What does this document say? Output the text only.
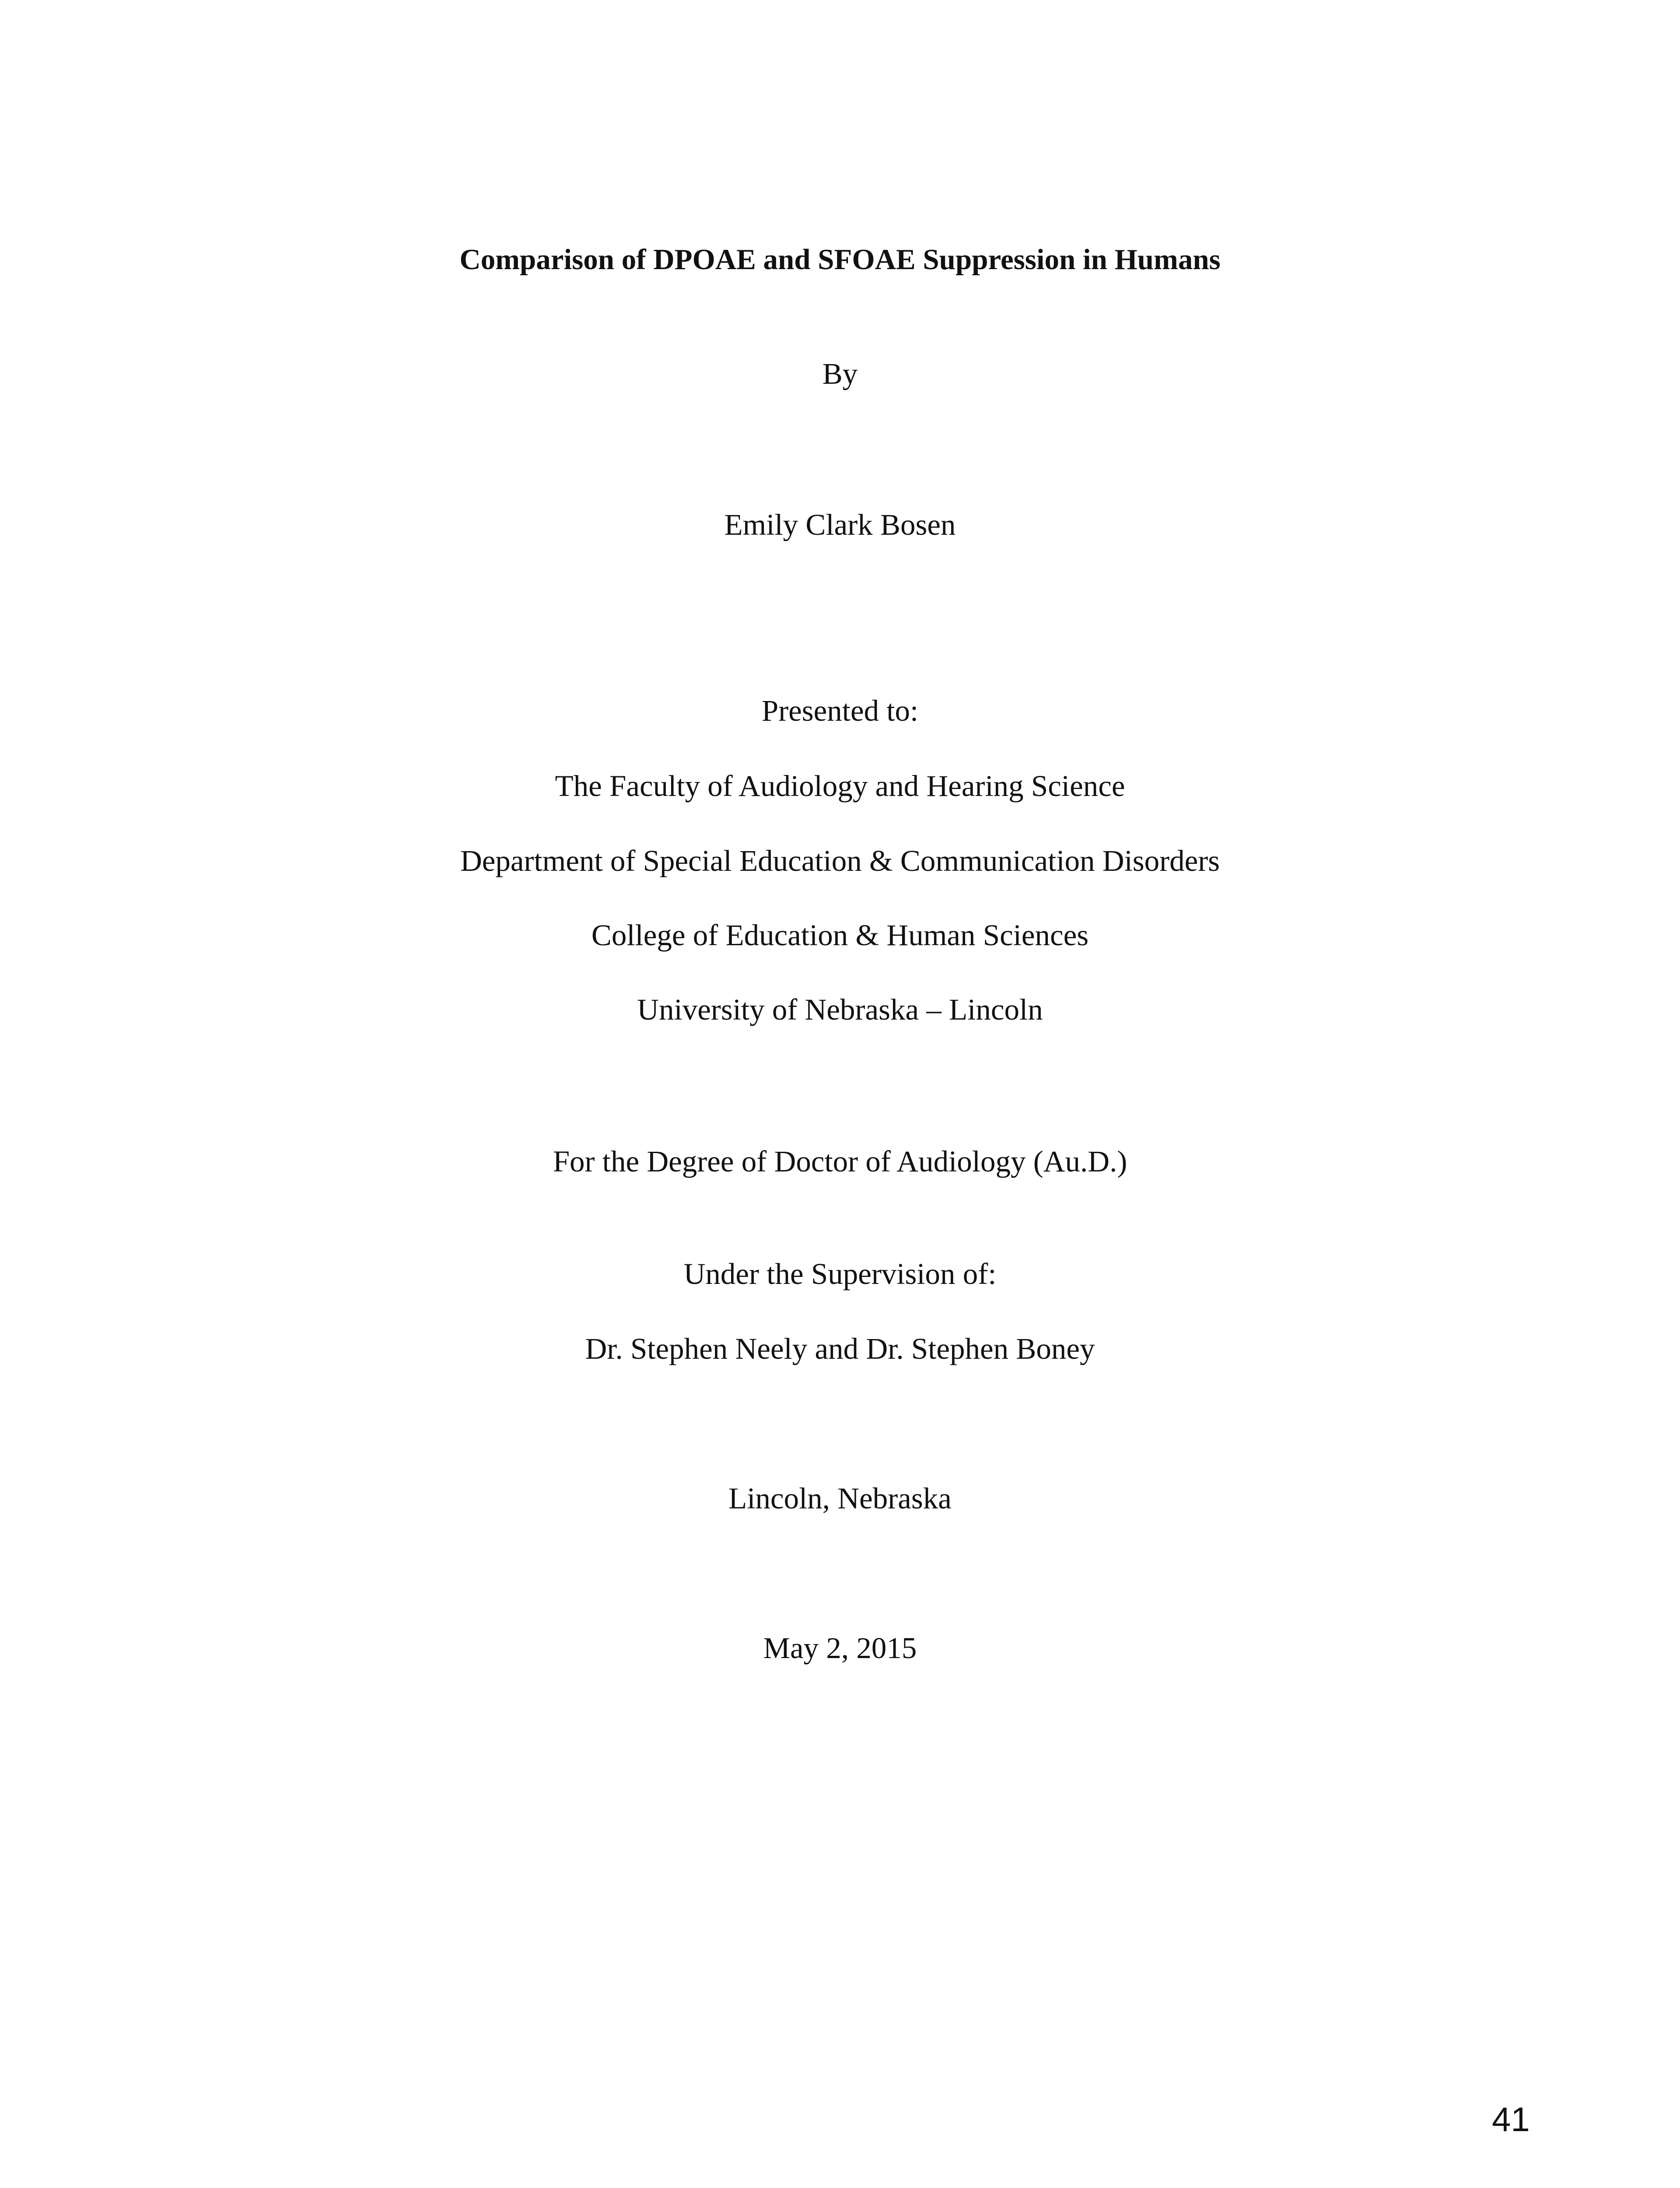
Comparison of DPOAE and SFOAE Suppression in Humans
By
Emily Clark Bosen
Presented to:
The Faculty of Audiology and Hearing Science
Department of Special Education & Communication Disorders
College of Education & Human Sciences
University of Nebraska – Lincoln
For the Degree of Doctor of Audiology (Au.D.)
Under the Supervision of:
Dr. Stephen Neely and Dr. Stephen Boney
Lincoln, Nebraska
May 2, 2015
41
